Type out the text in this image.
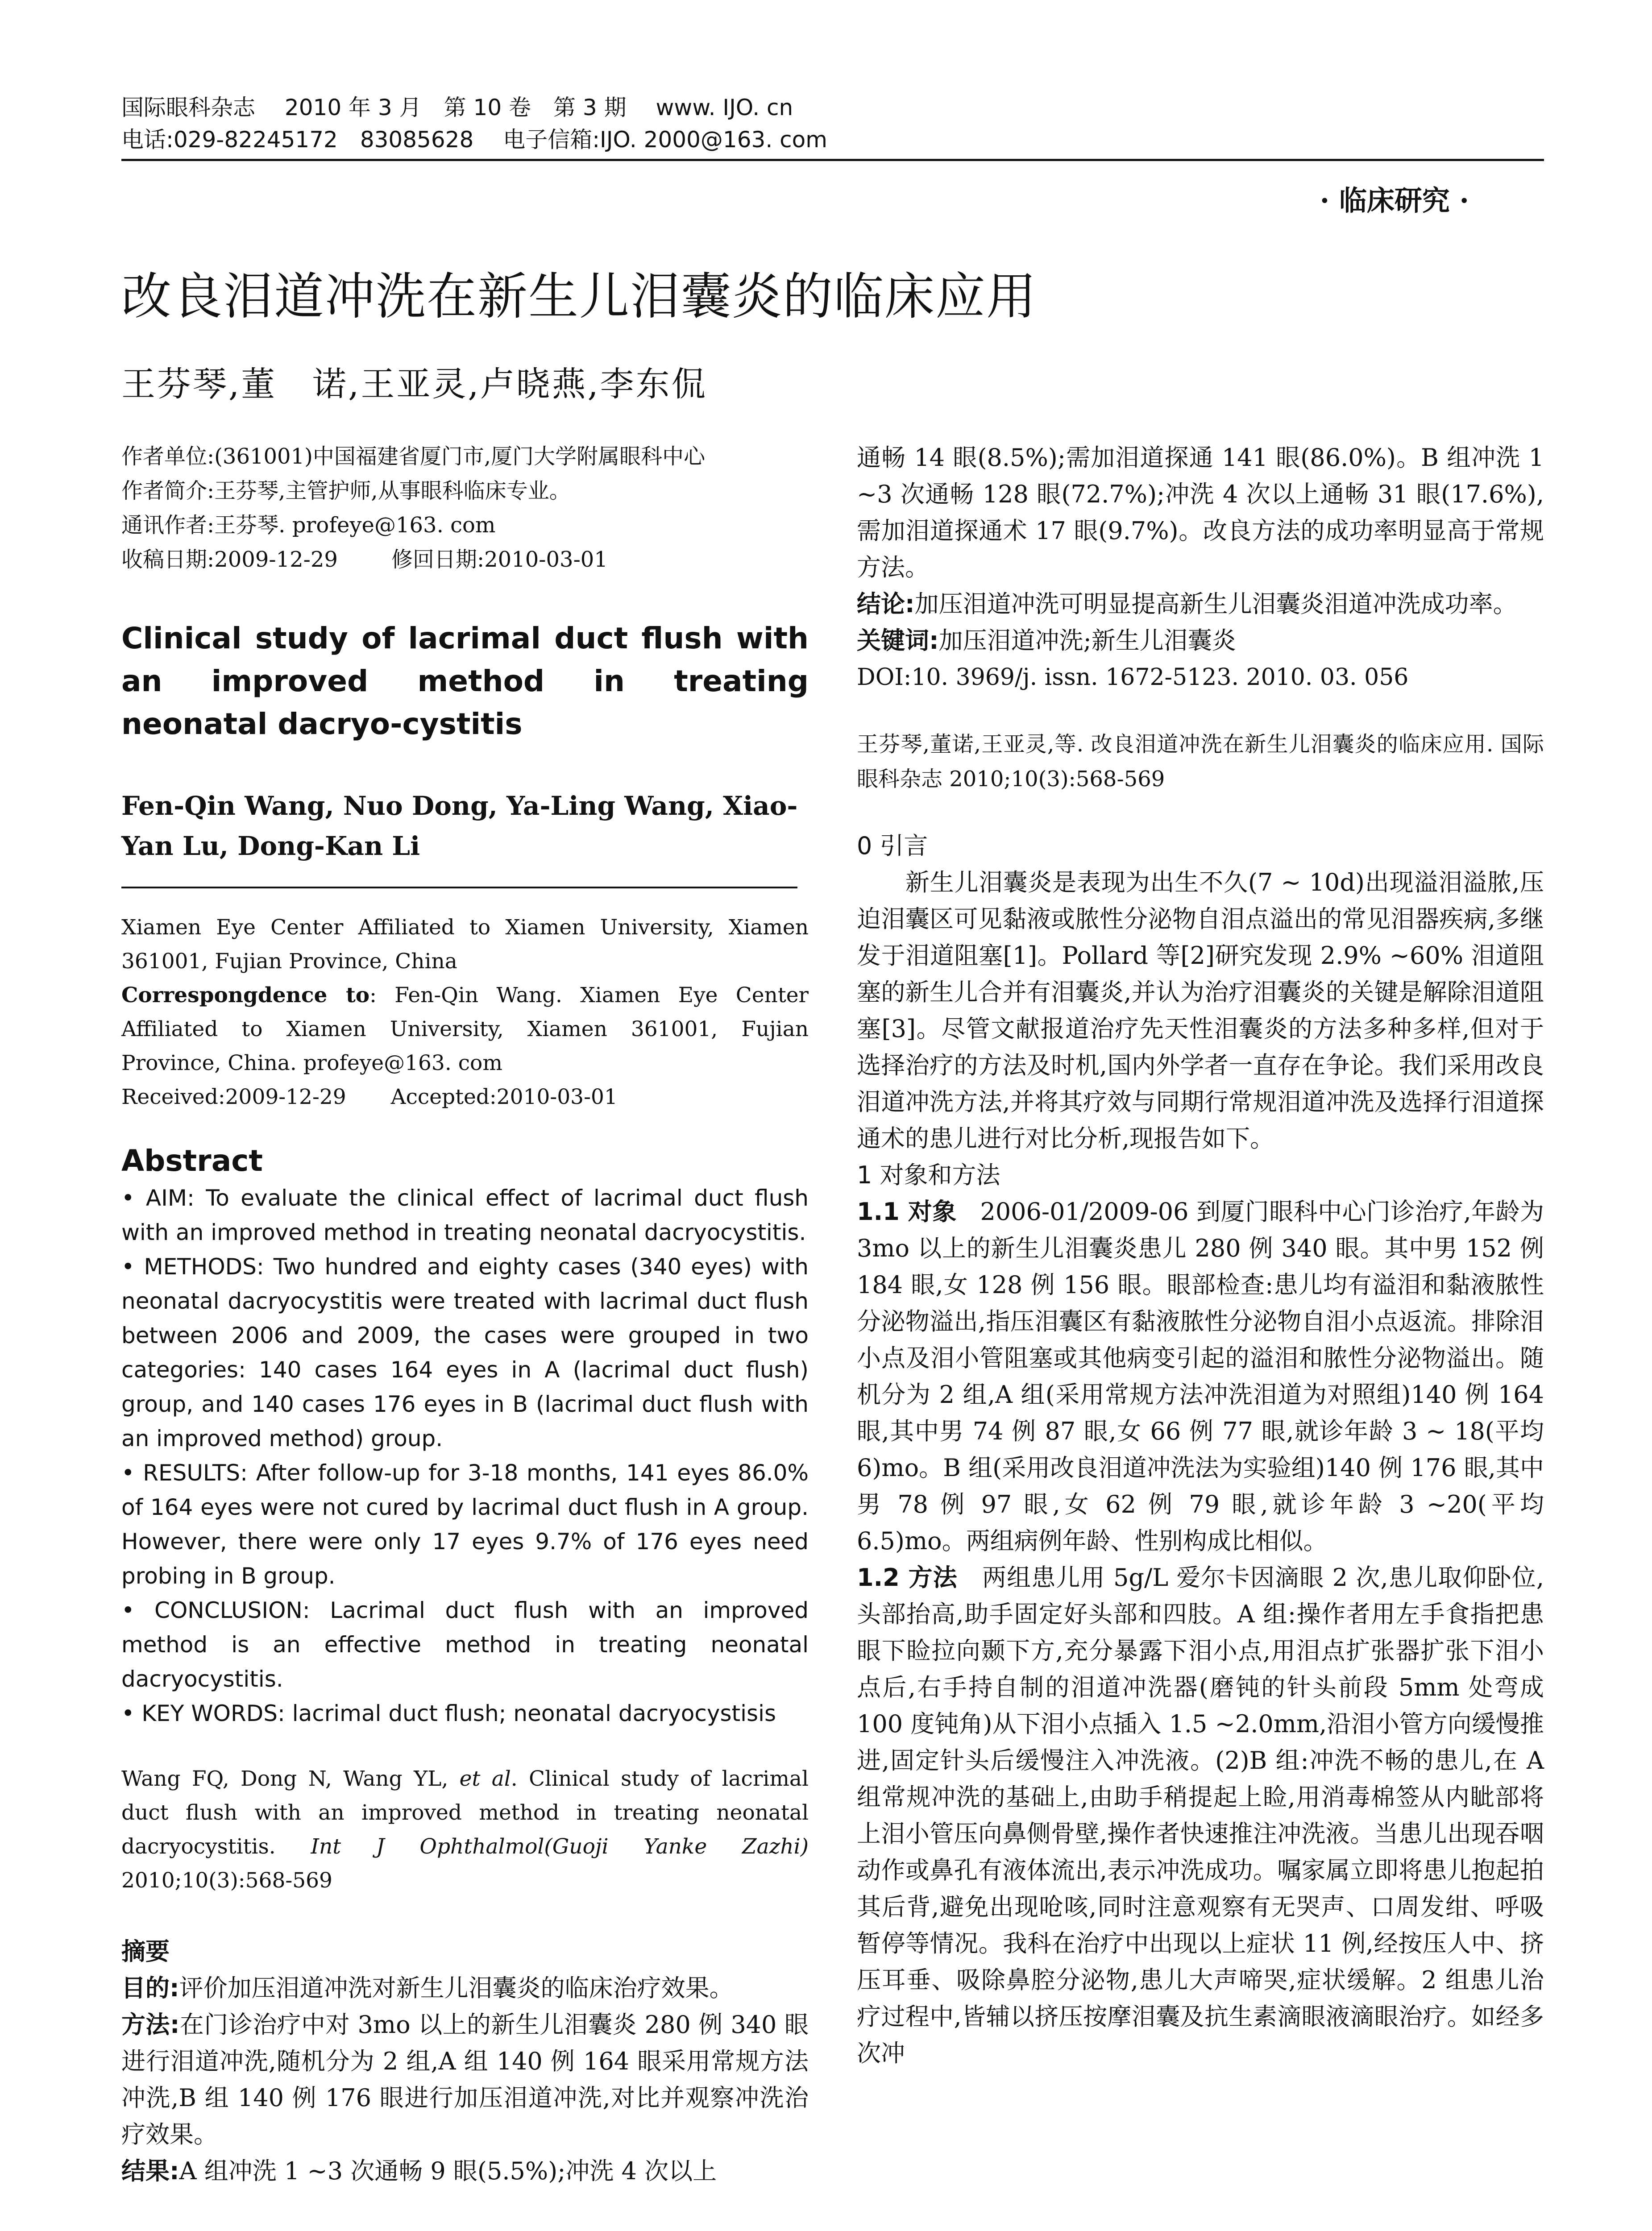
国际眼科杂志　 2010 年 3 月　第 10 卷　第 3 期　 www. IJO. cn
电话:029-82245172　83085628　 电子信箱:IJO. 2000@163. com
· 临床研究 ·
改良泪道冲洗在新生儿泪囊炎的临床应用
王芬琴,董　诺,王亚灵,卢晓燕,李东侃
作者单位:(361001)中国福建省厦门市,厦门大学附属眼科中心
作者简介:王芬琴,主管护师,从事眼科临床专业。
通讯作者:王芬琴. profeye@163. com
收稿日期:2009-12-29	修回日期:2010-03-01
Clinical study of lacrimal duct flush with an improved method in treating neonatal dacryo-cystitis
Fen-Qin Wang, Nuo Dong, Ya-Ling Wang, Xiao-Yan Lu, Dong-Kan Li
Xiamen Eye Center Affiliated to Xiamen University, Xiamen 361001, Fujian Province, China
Correspongdence to: Fen-Qin Wang. Xiamen Eye Center Affiliated to Xiamen University, Xiamen 361001, Fujian Province, China. profeye@163. com
Received:2009-12-29 Accepted:2010-03-01
Abstract
• AIM: To evaluate the clinical effect of lacrimal duct flush with an improved method in treating neonatal dacryocystitis.
• METHODS: Two hundred and eighty cases (340 eyes) with neonatal dacryocystitis were treated with lacrimal duct flush between 2006 and 2009, the cases were grouped in two categories: 140 cases 164 eyes in A (lacrimal duct flush) group, and 140 cases 176 eyes in B (lacrimal duct flush with an improved method) group.
• RESULTS: After follow-up for 3-18 months, 141 eyes 86.0% of 164 eyes were not cured by lacrimal duct flush in A group. However, there were only 17 eyes 9.7% of 176 eyes need probing in B group.
• CONCLUSION: Lacrimal duct flush with an improved method is an effective method in treating neonatal dacryocystitis.
• KEY WORDS: lacrimal duct flush; neonatal dacryocystisis
Wang FQ, Dong N, Wang YL, et al. Clinical study of lacrimal duct flush with an improved method in treating neonatal dacryocystitis. Int J Ophthalmol(Guoji Yanke Zazhi) 2010;10(3):568-569
摘要
目的:评价加压泪道冲洗对新生儿泪囊炎的临床治疗效果。
方法:在门诊治疗中对 3mo 以上的新生儿泪囊炎 280 例 340 眼进行泪道冲洗,随机分为 2 组,A 组 140 例 164 眼采用常规方法冲洗,B 组 140 例 176 眼进行加压泪道冲洗,对比并观察冲洗治疗效果。
结果:A 组冲洗 1 ~3 次通畅 9 眼(5.5%);冲洗 4 次以上
通畅 14 眼(8.5%);需加泪道探通 141 眼(86.0%)。B 组冲洗 1 ~3 次通畅 128 眼(72.7%);冲洗 4 次以上通畅 31 眼(17.6%),需加泪道探通术 17 眼(9.7%)。改良方法的成功率明显高于常规方法。
结论:加压泪道冲洗可明显提高新生儿泪囊炎泪道冲洗成功率。
关键词:加压泪道冲洗;新生儿泪囊炎
DOI:10. 3969/j. issn. 1672-5123. 2010. 03. 056
王芬琴,董诺,王亚灵,等. 改良泪道冲洗在新生儿泪囊炎的临床应用. 国际眼科杂志 2010;10(3):568-569
0 引言
新生儿泪囊炎是表现为出生不久(7 ~ 10d)出现溢泪溢脓,压迫泪囊区可见黏液或脓性分泌物自泪点溢出的常见泪器疾病,多继发于泪道阻塞[1]。Pollard 等[2]研究发现 2.9% ~60% 泪道阻塞的新生儿合并有泪囊炎,并认为治疗泪囊炎的关键是解除泪道阻塞[3]。尽管文献报道治疗先天性泪囊炎的方法多种多样,但对于选择治疗的方法及时机,国内外学者一直存在争论。我们采用改良泪道冲洗方法,并将其疗效与同期行常规泪道冲洗及选择行泪道探通术的患儿进行对比分析,现报告如下。
1 对象和方法
1.1 对象 2006-01/2009-06 到厦门眼科中心门诊治疗,年龄为 3mo 以上的新生儿泪囊炎患儿 280 例 340 眼。其中男 152 例 184 眼,女 128 例 156 眼。眼部检查:患儿均有溢泪和黏液脓性分泌物溢出,指压泪囊区有黏液脓性分泌物自泪小点返流。排除泪小点及泪小管阻塞或其他病变引起的溢泪和脓性分泌物溢出。随机分为 2 组,A 组(采用常规方法冲洗泪道为对照组)140 例 164 眼,其中男 74 例 87 眼,女 66 例 77 眼,就诊年龄 3 ~ 18(平均 6)mo。B 组(采用改良泪道冲洗法为实验组)140 例 176 眼,其中男 78 例 97 眼,女 62 例 79 眼,就诊年龄 3 ~20(平均 6.5)mo。两组病例年龄、性别构成比相似。
1.2 方法 两组患儿用 5g/L 爱尔卡因滴眼 2 次,患儿取仰卧位,头部抬高,助手固定好头部和四肢。A 组:操作者用左手食指把患眼下睑拉向颞下方,充分暴露下泪小点,用泪点扩张器扩张下泪小点后,右手持自制的泪道冲洗器(磨钝的针头前段 5mm 处弯成 100 度钝角)从下泪小点插入 1.5 ~2.0mm,沿泪小管方向缓慢推进,固定针头后缓慢注入冲洗液。(2)B 组:冲洗不畅的患儿,在 A 组常规冲洗的基础上,由助手稍提起上睑,用消毒棉签从内眦部将上泪小管压向鼻侧骨壁,操作者快速推注冲洗液。当患儿出现吞咽动作或鼻孔有液体流出,表示冲洗成功。嘱家属立即将患儿抱起拍其后背,避免出现呛咳,同时注意观察有无哭声、口周发绀、呼吸暂停等情况。我科在治疗中出现以上症状 11 例,经按压人中、挤压耳垂、吸除鼻腔分泌物,患儿大声啼哭,症状缓解。2 组患儿治疗过程中,皆辅以挤压按摩泪囊及抗生素滴眼液滴眼治疗。如经多次冲
